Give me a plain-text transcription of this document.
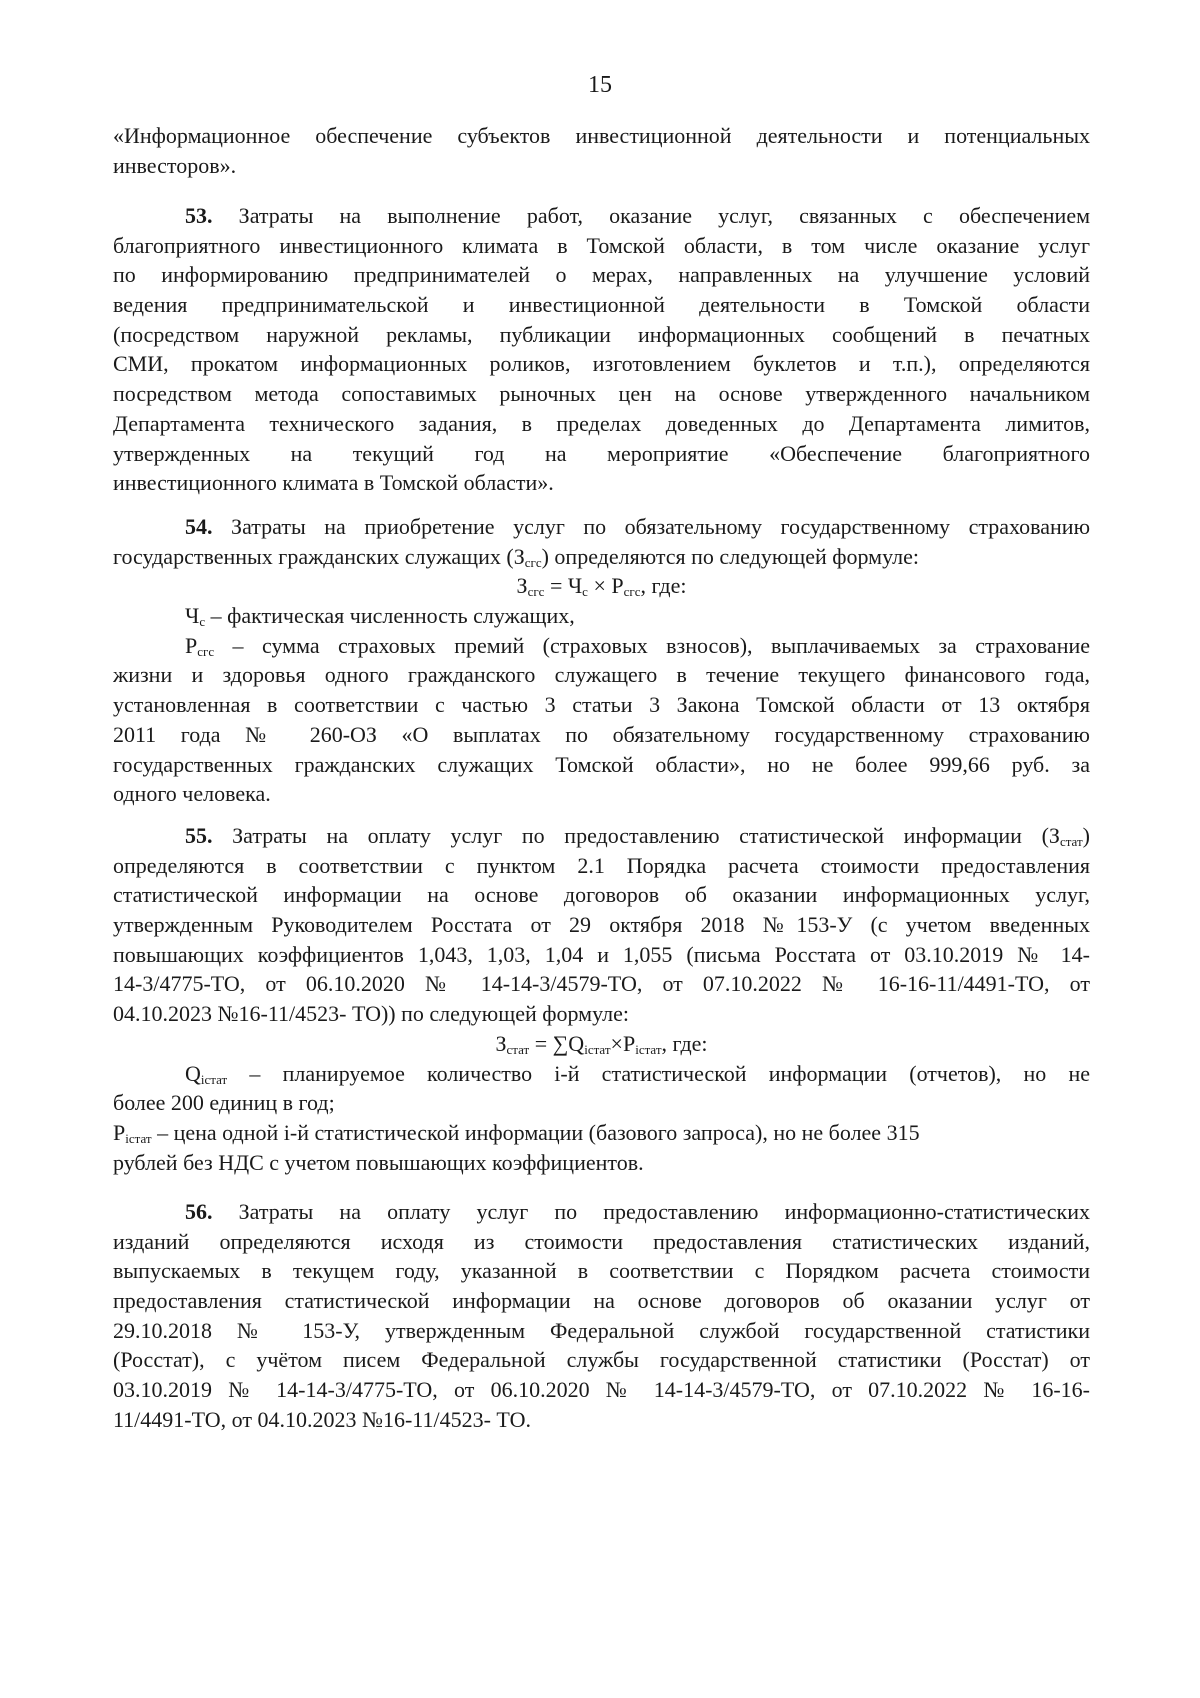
15
«Информационное обеспечение субъектов инвестиционной деятельности и потенциальных
инвесторов».
53. Затраты на выполнение работ, оказание услуг, связанных с обеспечением
благоприятного инвестиционного климата в Томской области, в том числе оказание услуг
по информированию предпринимателей о мерах, направленных на улучшение условий
ведения предпринимательской и инвестиционной деятельности в Томской области
(посредством наружной рекламы, публикации информационных сообщений в печатных
СМИ, прокатом информационных роликов, изготовлением буклетов и т.п.), определяются
посредством метода сопоставимых рыночных цен на основе утвержденного начальником
Департамента технического задания, в пределах доведенных до Департамента лимитов,
утвержденных на текущий год на мероприятие «Обеспечение благоприятного
инвестиционного климата в Томской области».
54. Затраты на приобретение услуг по обязательному государственному страхованию
государственных гражданских служащих $(З_{сгс})$ определяются по следующей формуле:
$З_{сгс} = Ч_с \times Р_{сгс}$, где:
$Ч_с$ – фактическая численность служащих,
$Р_{сгс}$ – сумма страховых премий (страховых взносов), выплачиваемых за страхование
жизни и здоровья одного гражданского служащего в течение текущего финансового года,
установленная в соответствии с частью 3 статьи 3 Закона Томской области от 13 октября
2011 года № 260-ОЗ «О выплатах по обязательному государственному страхованию
государственных гражданских служащих Томской области», но не более 999,66 руб. за
одного человека.
55. Затраты на оплату услуг по предоставлению статистической информации $(З_{стат})$
определяются в соответствии с пунктом 2.1 Порядка расчета стоимости предоставления
статистической информации на основе договоров об оказании информационных услуг,
утвержденным Руководителем Росстата от 29 октября 2018 №153-У (с учетом введенных
повышающих коэффициентов 1,043, 1,03, 1,04 и 1,055 (письма Росстата от 03.10.2019 № 14-
14-3/4775-ТО, от 06.10.2020 № 14-14-3/4579-ТО, от 07.10.2022 № 16-16-11/4491-ТО, от
04.10.2023 №16-11/4523- ТО)) по следующей формуле:
$З_{стат} = \sum Q_{iстат}\times P_{iстат}$, где:
$Q_{iстат}$ – планируемое количество i-й статистической информации (отчетов), но не
более 200 единиц в год;
$P_{iстат}$ – цена одной i-й статистической информации (базового запроса), но не более 315
рублей без НДС с учетом повышающих коэффициентов.
56. Затраты на оплату услуг по предоставлению информационно-статистических
изданий определяются исходя из стоимости предоставления статистических изданий,
выпускаемых в текущем году, указанной в соответствии с Порядком расчета стоимости
предоставления статистической информации на основе договоров об оказании услуг от
29.10.2018 № 153-У, утвержденным Федеральной службой государственной статистики
(Росстат), с учётом писем Федеральной службы государственной статистики (Росстат) от
03.10.2019 № 14-14-3/4775-ТО, от 06.10.2020 № 14-14-3/4579-ТО, от 07.10.2022 № 16-16-
11/4491-ТО, от 04.10.2023 №16-11/4523- ТО.
